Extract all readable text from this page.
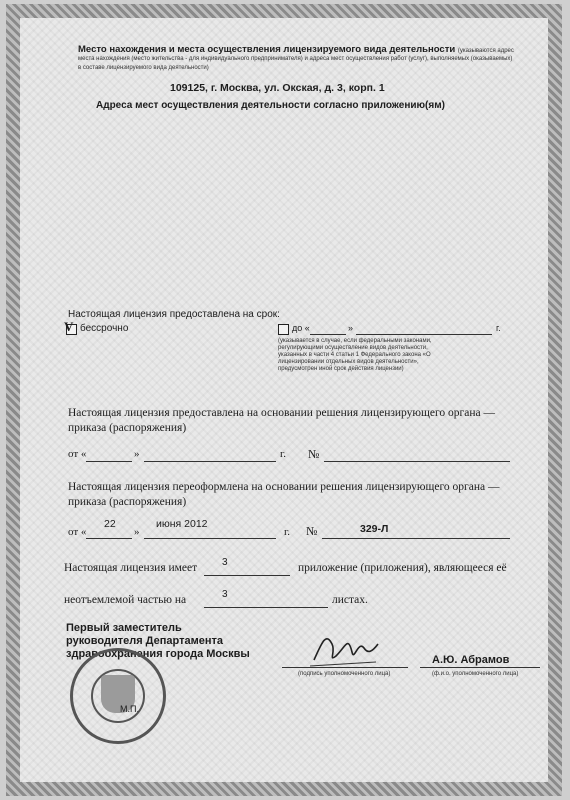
Место нахождения и места осуществления лицензируемого вида деятельности (указываются адрес
места нахождения (место жительства - для индивидуального предпринимателя) и адреса мест осуществления работ (услуг), выполняемых (оказываемых)
в составе лицензируемого вида деятельности)
109125, г. Москва, ул. Окская, д. 3, корп. 1
Адреса мест осуществления деятельности согласно приложению(ям)
Настоящая лицензия предоставлена на срок:
V бессрочно	до «	»	г.
(указывается в случае, если федеральными законами, регулирующими осуществление видов деятельности, указанных в части 4 статьи 1 Федерального закона «О лицензировании отдельных видов деятельности», предусмотрен иной срок действия лицензии)
Настоящая лицензия предоставлена на основании решения лицензирующего органа — приказа (распоряжения)
от «	»	г. №
Настоящая лицензия переоформлена на основании решения лицензирующего органа — приказа (распоряжения)
от «
22
»
июня 2012
г. №	329-Л
Настоящая лицензия имеет 3	приложение (приложения), являющееся её
неотъемлемой частью на	3	листах.
Первый заместитель
руководителя Департамента
здравоохранения города Москвы
(подпись уполномоченного лица)
А.Ю. Абрамов
(ф.и.о. уполномоченного лица)
М.П.
